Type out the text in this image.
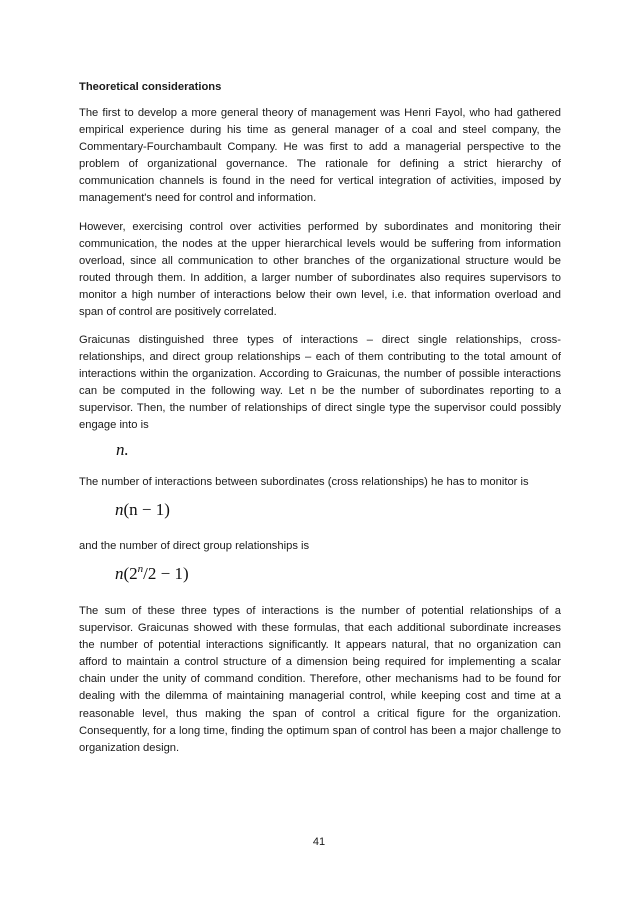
Theoretical considerations

The first to develop a more general theory of management was Henri Fayol, who had gathered empirical experience during his time as general manager of a coal and steel company, the Commentary-Fourchambault Company. He was first to add a managerial perspective to the problem of organizational governance. The rationale for defining a strict hierarchy of communication channels is found in the need for vertical integration of activities, imposed by management's need for control and information.

However, exercising control over activities performed by subordinates and monitoring their communication, the nodes at the upper hierarchical levels would be suffering from information overload, since all communication to other branches of the organizational structure would be routed through them. In addition, a larger number of subordinates also requires supervisors to monitor a high number of interactions below their own level, i.e. that information overload and span of control are positively correlated.

Graicunas distinguished three types of interactions – direct single relationships, cross-relationships, and direct group relationships – each of them contributing to the total amount of interactions within the organization. According to Graicunas, the number of possible interactions can be computed in the following way. Let n be the number of subordinates reporting to a supervisor. Then, the number of relationships of direct single type the supervisor could possibly engage into is

n.

The number of interactions between subordinates (cross relationships) he has to monitor is

n(n − 1)

and the number of direct group relationships is

$n(2^n/2 - 1)$

The sum of these three types of interactions is the number of potential relationships of a supervisor. Graicunas showed with these formulas, that each additional subordinate increases the number of potential interactions significantly. It appears natural, that no organization can afford to maintain a control structure of a dimension being required for implementing a scalar chain under the unity of command condition. Therefore, other mechanisms had to be found for dealing with the dilemma of maintaining managerial control, while keeping cost and time at a reasonable level, thus making the span of control a critical figure for the organization. Consequently, for a long time, finding the optimum span of control has been a major challenge to organization design.

41
